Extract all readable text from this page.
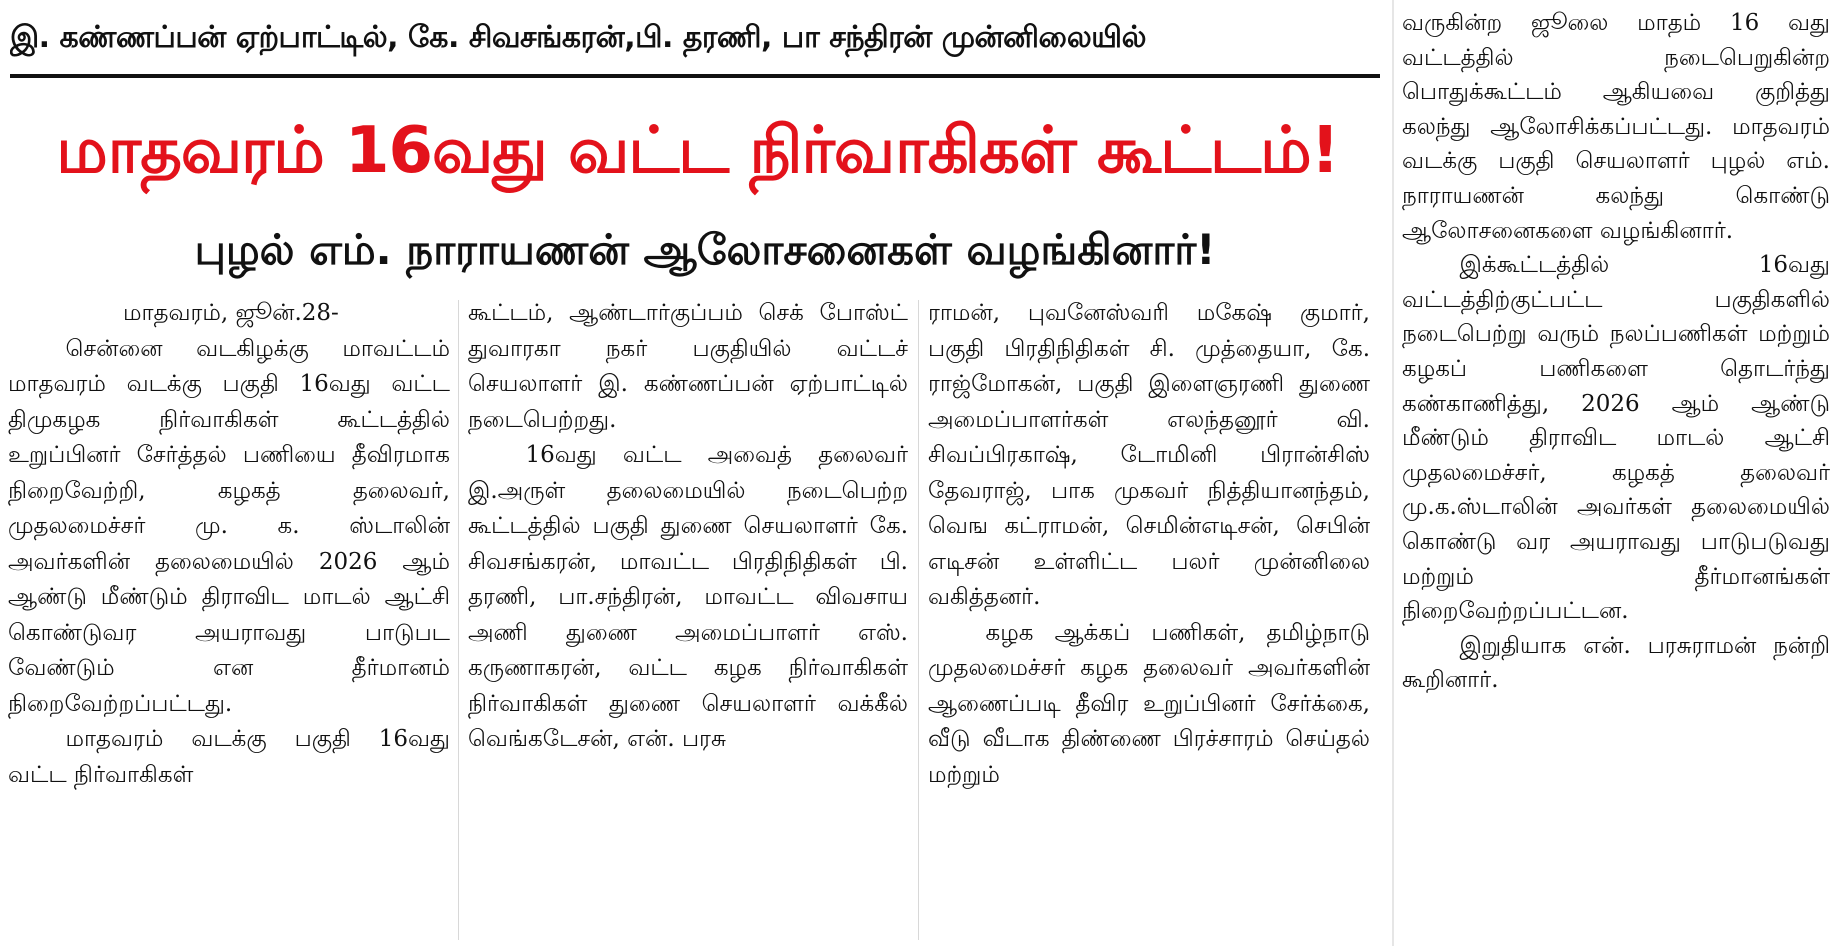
இ. கண்ணப்பன் ஏற்பாட்டில், கே. சிவசங்கரன்,பி. தரணி, பா சந்திரன் முன்னிலையில்
மாதவரம் 16வது வட்ட நிர்வாகிகள் கூட்டம்!
புழல் எம். நாராயணன் ஆலோசனைகள் வழங்கினார்!

மாதவரம், ஜூன்.28-

சென்னை வடகிழக்கு மாவட்டம் மாதவரம் வடக்கு பகுதி 16வது வட்ட திமுகழக நிர்வாகிகள் கூட்டத்தில் உறுப்பினர் சேர்த்தல் பணியை தீவிரமாக நிறைவேற்றி, கழகத் தலைவர், முதலமைச்சர் மு. க. ஸ்டாலின் அவர்களின் தலைமையில் 2026 ஆம் ஆண்டு மீண்டும் திராவிட மாடல் ஆட்சி கொண்டுவர அயராவது பாடுபட வேண்டும் என தீர்மானம் நிறைவேற்றப்பட்டது.

மாதவரம் வடக்கு பகுதி 16வது வட்ட நிர்வாகிகள்

கூட்டம், ஆண்டார்குப்பம் செக் போஸ்ட் துவாரகா நகர் பகுதியில் வட்டச் செயலாளர் இ. கண்ணப்பன் ஏற்பாட்டில் நடைபெற்றது.

16வது வட்ட அவைத் தலைவர் இ.அருள் தலைமையில் நடைபெற்ற கூட்டத்தில் பகுதி துணை செயலாளர் கே. சிவசங்கரன், மாவட்ட பிரதிநிதிகள் பி. தரணி, பா.சந்திரன், மாவட்ட விவசாய அணி துணை அமைப்பாளர் எஸ். கருணாகரன், வட்ட கழக நிர்வாகிகள் நிர்வாகிகள் துணை செயலாளர் வக்கீல் வெங்கடேசன், என். பரசு

ராமன், புவனேஸ்வரி மகேஷ் குமார், பகுதி பிரதிநிதிகள் சி. முத்தையா, கே. ராஜ்மோகன், பகுதி இளைஞரணி துணை அமைப்பாளர்கள் எலந்தனூர் வி. சிவப்பிரகாஷ், டோமினி பிரான்சிஸ் தேவராஜ், பாக முகவர் நித்தியானந்தம், வெங கட்ராமன், செமின்எடிசன், செபின் எடிசன் உள்ளிட்ட பலர் முன்னிலை வகித்தனர்.

கழக ஆக்கப் பணிகள், தமிழ்நாடு முதலமைச்சர் கழக தலைவர் அவர்களின் ஆணைப்படி தீவிர உறுப்பினர் சேர்க்கை, வீடு வீடாக திண்ணை பிரச்சாரம் செய்தல் மற்றும்

வருகின்ற ஜூலை மாதம் 16 வது வட்டத்தில் நடைபெறுகின்ற பொதுக்கூட்டம் ஆகியவை குறித்து கலந்து ஆலோசிக்கப்பட்டது. மாதவரம் வடக்கு பகுதி செயலாளர் புழல் எம். நாராயணன் கலந்து கொண்டு ஆலோசனைகளை வழங்கினார்.

இக்கூட்டத்தில் 16வது வட்டத்திற்குட்பட்ட பகுதிகளில் நடைபெற்று வரும் நலப்பணிகள் மற்றும் கழகப் பணிகளை தொடர்ந்து கண்காணித்து, 2026 ஆம் ஆண்டு மீண்டும் திராவிட மாடல் ஆட்சி முதலமைச்சர், கழகத் தலைவர் மு.க.ஸ்டாலின் அவர்கள் தலைமையில் கொண்டு வர அயராவது பாடுபடுவது மற்றும் தீர்மானங்கள் நிறைவேற்றப்பட்டன.

இறுதியாக என். பரசுராமன் நன்றி கூறினார்.
